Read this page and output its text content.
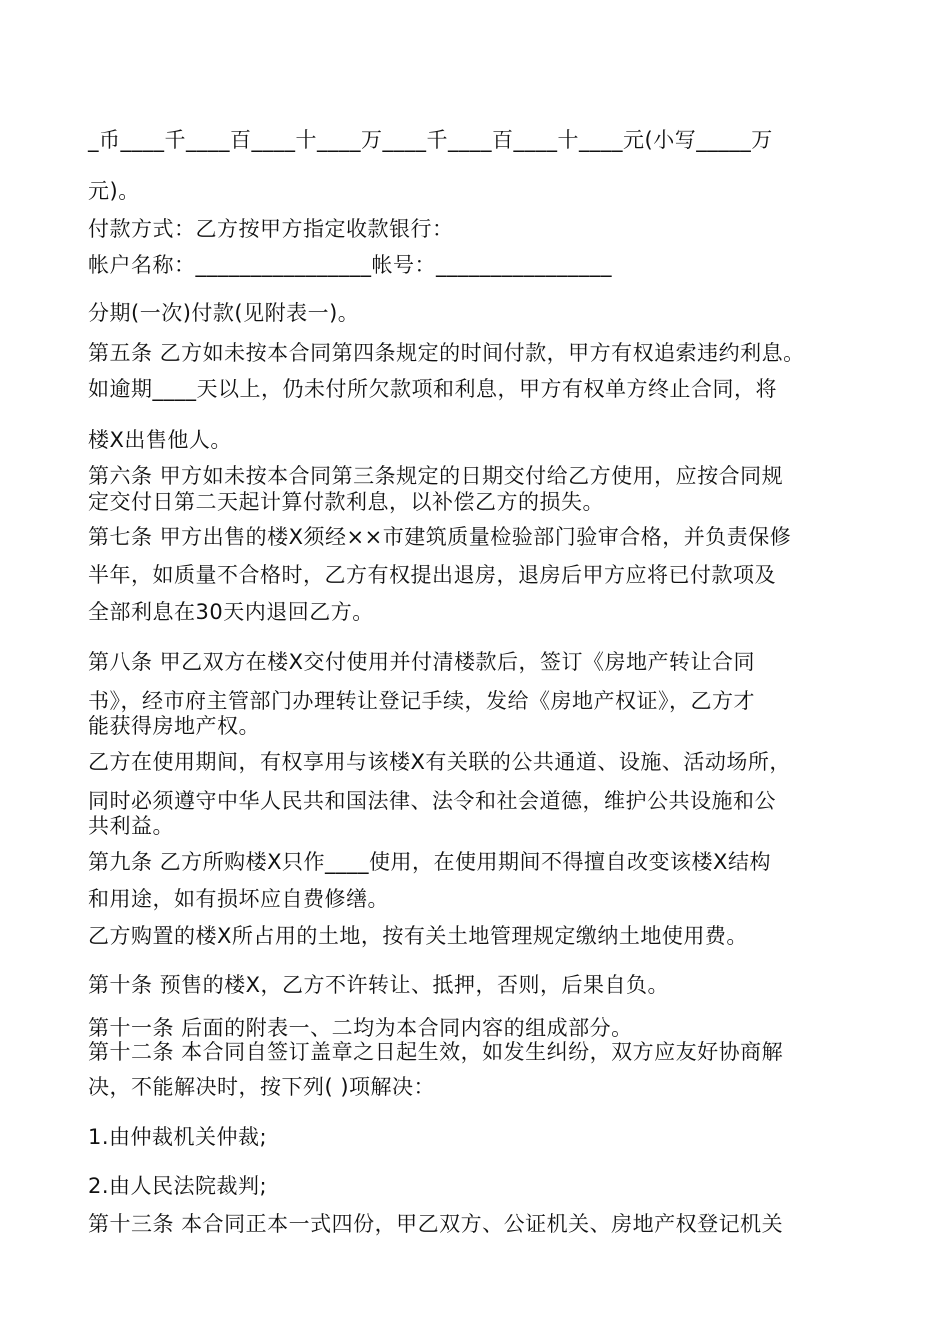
_币____千____百____十____万____千____百____十____元(小写_____万
元)。
付款方式：乙方按甲方指定收款银行：
帐户名称：________________帐号：________________
分期(一次)付款(见附表一)。
第五条 乙方如未按本合同第四条规定的时间付款，甲方有权追索违约利息。
如逾期____天以上，仍未付所欠款项和利息，甲方有权单方终止合同，将
楼X出售他人。
第六条 甲方如未按本合同第三条规定的日期交付给乙方使用，应按合同规
定交付日第二天起计算付款利息，以补偿乙方的损失。
第七条 甲方出售的楼X须经××市建筑质量检验部门验审合格，并负责保修
半年，如质量不合格时，乙方有权提出退房，退房后甲方应将已付款项及
全部利息在30天内退回乙方。
第八条 甲乙双方在楼X交付使用并付清楼款后，签订《房地产转让合同
书》，经市府主管部门办理转让登记手续，发给《房地产权证》，乙方才
能获得房地产权。
乙方在使用期间，有权享用与该楼X有关联的公共通道、设施、活动场所，
同时必须遵守中华人民共和国法律、法令和社会道德，维护公共设施和公
共利益。
第九条 乙方所购楼X只作____使用，在使用期间不得擅自改变该楼X结构
和用途，如有损坏应自费修缮。
乙方购置的楼X所占用的土地，按有关土地管理规定缴纳土地使用费。
第十条 预售的楼X，乙方不许转让、抵押，否则，后果自负。
第十一条 后面的附表一、二均为本合同内容的组成部分。
第十二条 本合同自签订盖章之日起生效，如发生纠纷，双方应友好协商解
决，不能解决时，按下列( )项解决：
1.由仲裁机关仲裁;
2.由人民法院裁判;
第十三条 本合同正本一式四份，甲乙双方、公证机关、房地产权登记机关
